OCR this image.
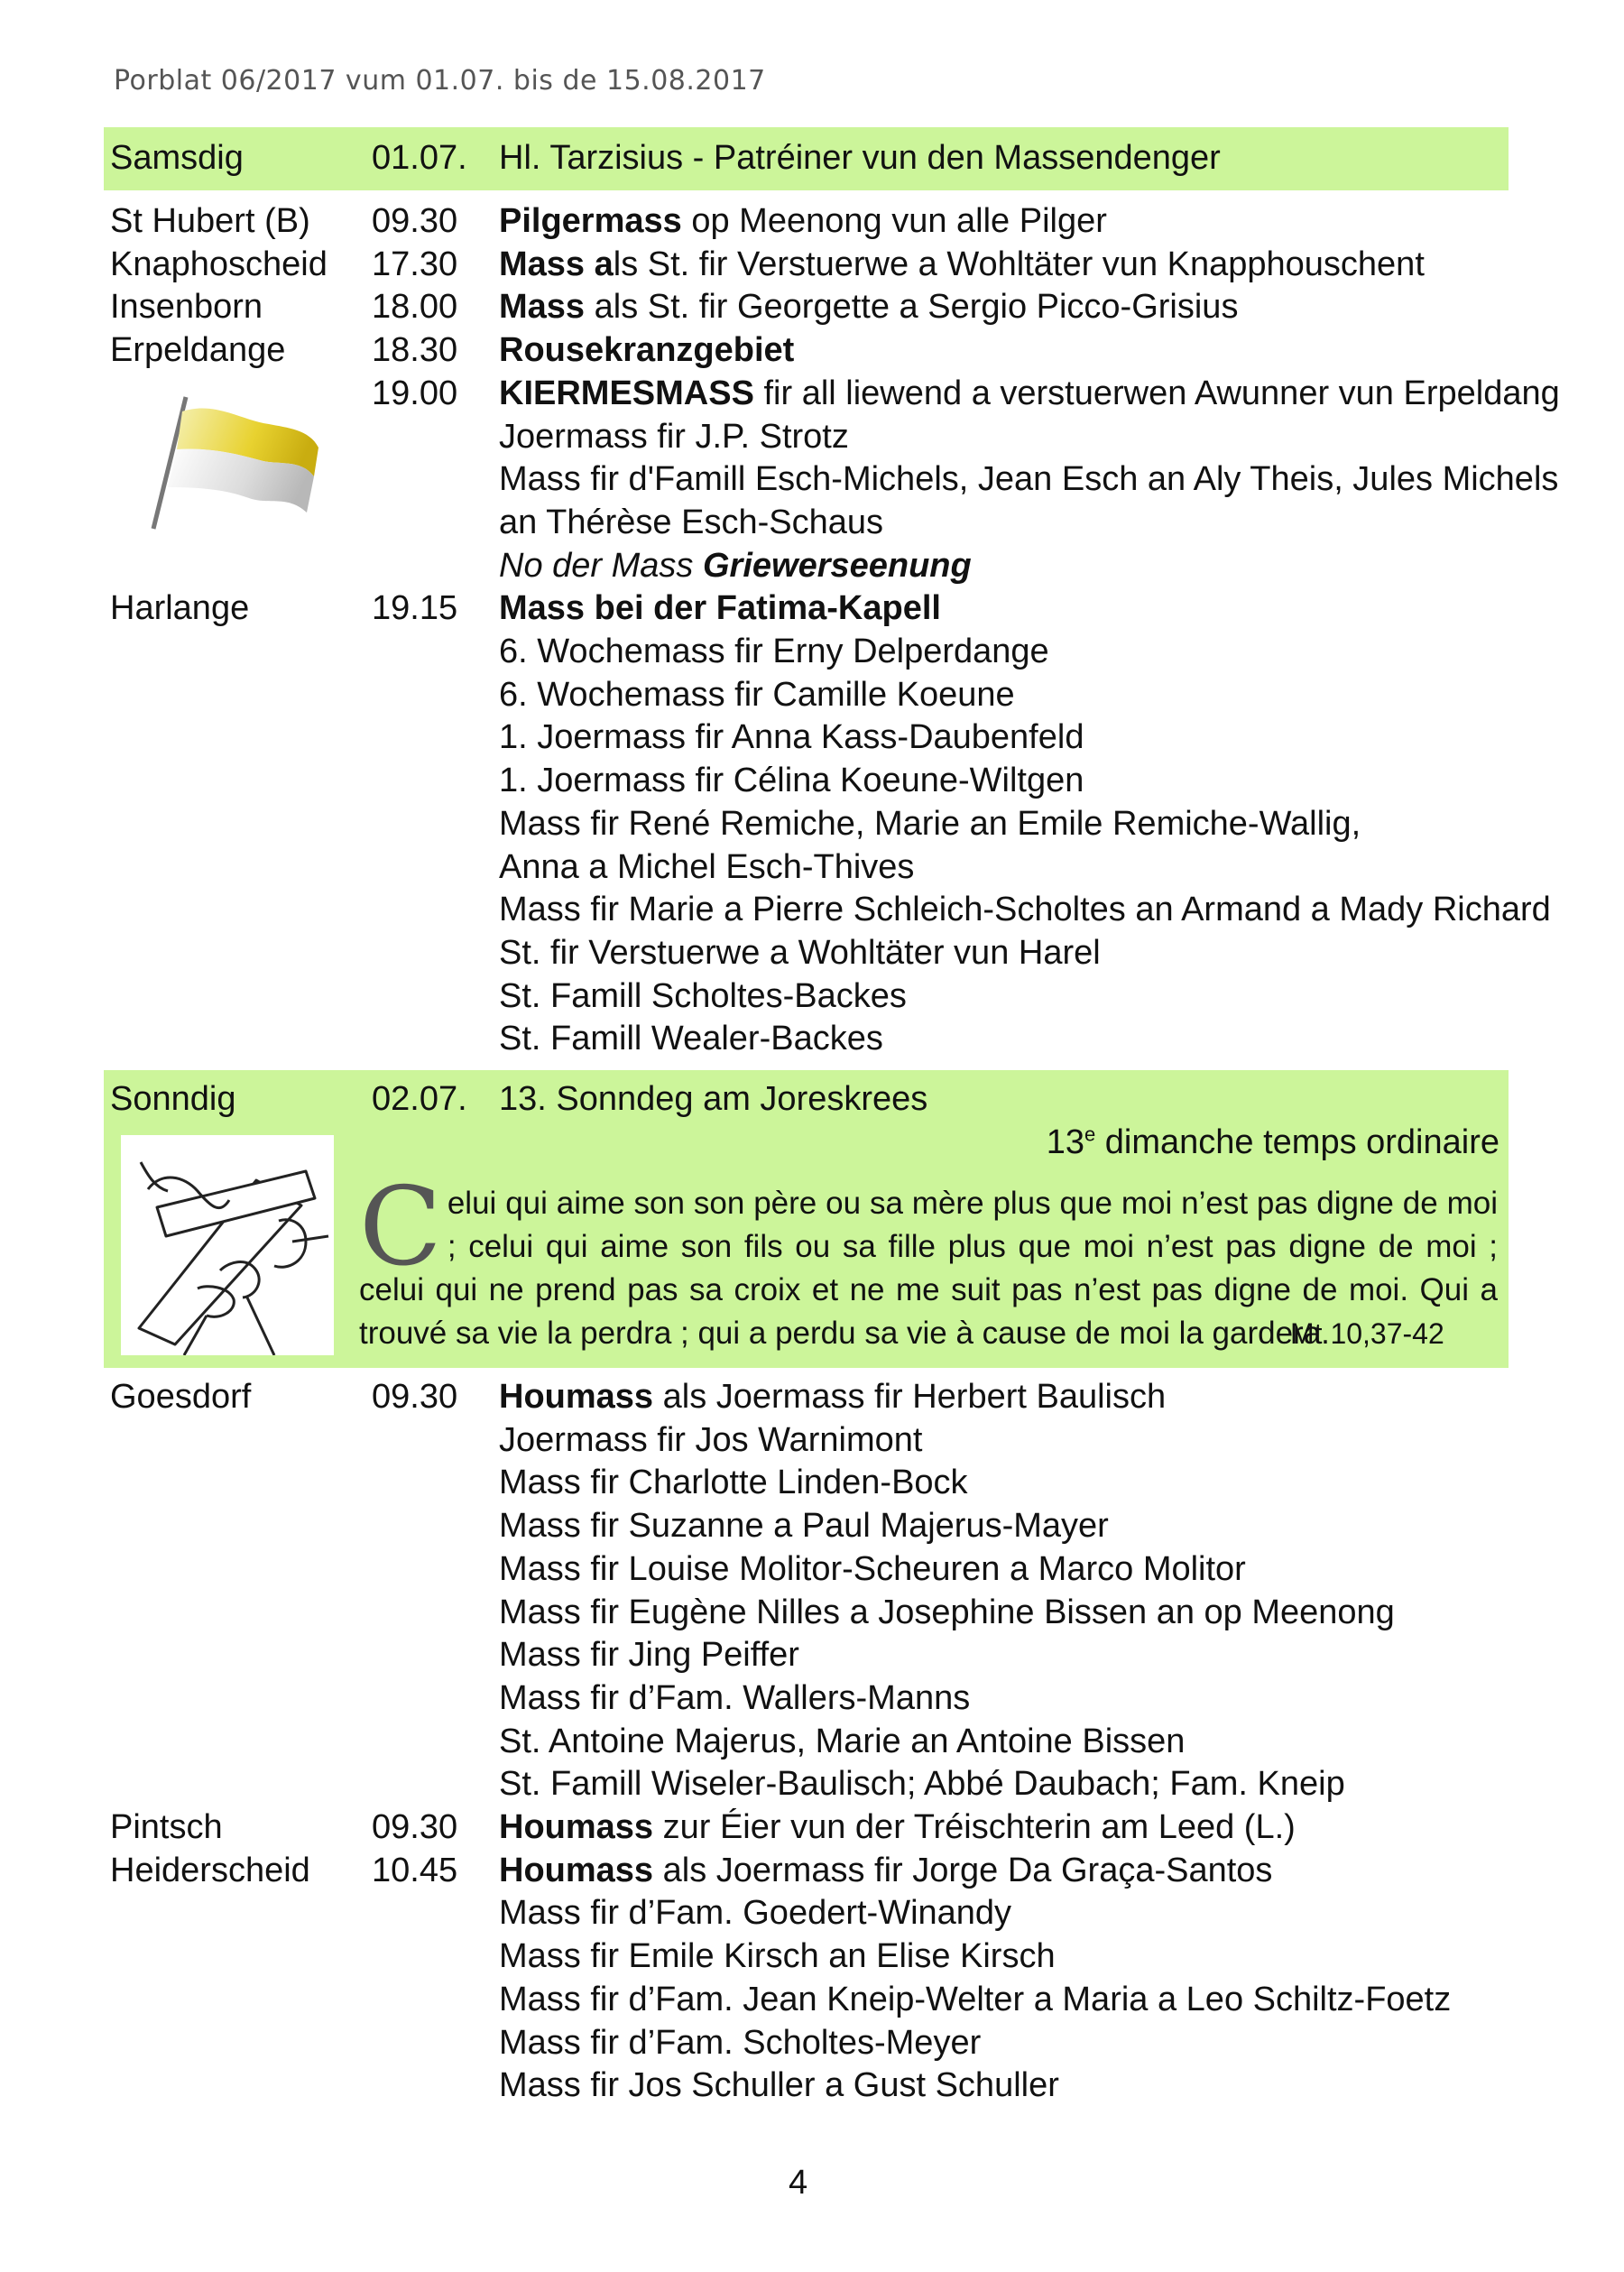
Porblat 06/2017 vum 01.07. bis de 15.08.2017
Samsdig	01.07. Hl. Tarzisius - Patréiner vun den Massendenger
St Hubert (B) 09.30 Pilgermass op Meenong vun alle Pilger
Knaphoscheid 17.30 Mass als St. fir Verstuerwe a Wohltäter vun Knapphouschent
Insenborn	18.00 Mass als St. fir Georgette a Sergio Picco-Grisius
Erpeldange	18.30 Rousekranzgebiet
19.00 KIERMESMASS fir all liewend a verstuerwen Awunner vun Erpeldang
Joermass fir J.P. Strotz
Mass fir d'Famill Esch-Michels, Jean Esch an Aly Theis, Jules Michels
an Thérèse Esch-Schaus
No der Mass Griewerseenung
Harlange	19.15 Mass bei der Fatima-Kapell
6. Wochemass fir Erny Delperdange
6. Wochemass fir Camille Koeune
1. Joermass fir Anna Kass-Daubenfeld
1. Joermass fir Célina Koeune-Wiltgen
Mass fir René Remiche, Marie an Emile Remiche-Wallig,
Anna a Michel Esch-Thives
Mass fir Marie a Pierre Schleich-Scholtes an Armand a Mady Richard
St. fir Verstuerwe a Wohltäter vun Harel
St. Famill Scholtes-Backes
St. Famill Wealer-Backes
Sonndig	02.07. 13. Sonndeg am Joreskrees
13e dimanche temps ordinaire
Celui qui aime son son père ou sa mère plus que moi n’est pas digne de moi ; celui qui aime son fils ou sa fille plus que moi n’est pas digne de moi ; celui qui ne prend pas sa croix et ne me suit pas n’est pas digne de moi. Qui a trouvé sa vie la perdra ; qui a perdu sa vie à cause de moi la gardera.
Mt 10,37-42
Goesdorf	09.30 Houmass als Joermass fir Herbert Baulisch
Joermass fir Jos Warnimont
Mass fir Charlotte Linden-Bock
Mass fir Suzanne a Paul Majerus-Mayer
Mass fir Louise Molitor-Scheuren a Marco Molitor
Mass fir Eugène Nilles a Josephine Bissen an op Meenong
Mass fir Jing Peiffer
Mass fir d’Fam. Wallers-Manns
St. Antoine Majerus, Marie an Antoine Bissen
St. Famill Wiseler-Baulisch; Abbé Daubach; Fam. Kneip
Pintsch	09.30 Houmass zur Éier vun der Tréischterin am Leed (L.)
Heiderscheid 10.45 Houmass als Joermass fir Jorge Da Graça-Santos
Mass fir d’Fam. Goedert-Winandy
Mass fir Emile Kirsch an Elise Kirsch
Mass fir d’Fam. Jean Kneip-Welter a Maria a Leo Schiltz-Foetz
Mass fir d’Fam. Scholtes-Meyer
Mass fir Jos Schuller a Gust Schuller
4
